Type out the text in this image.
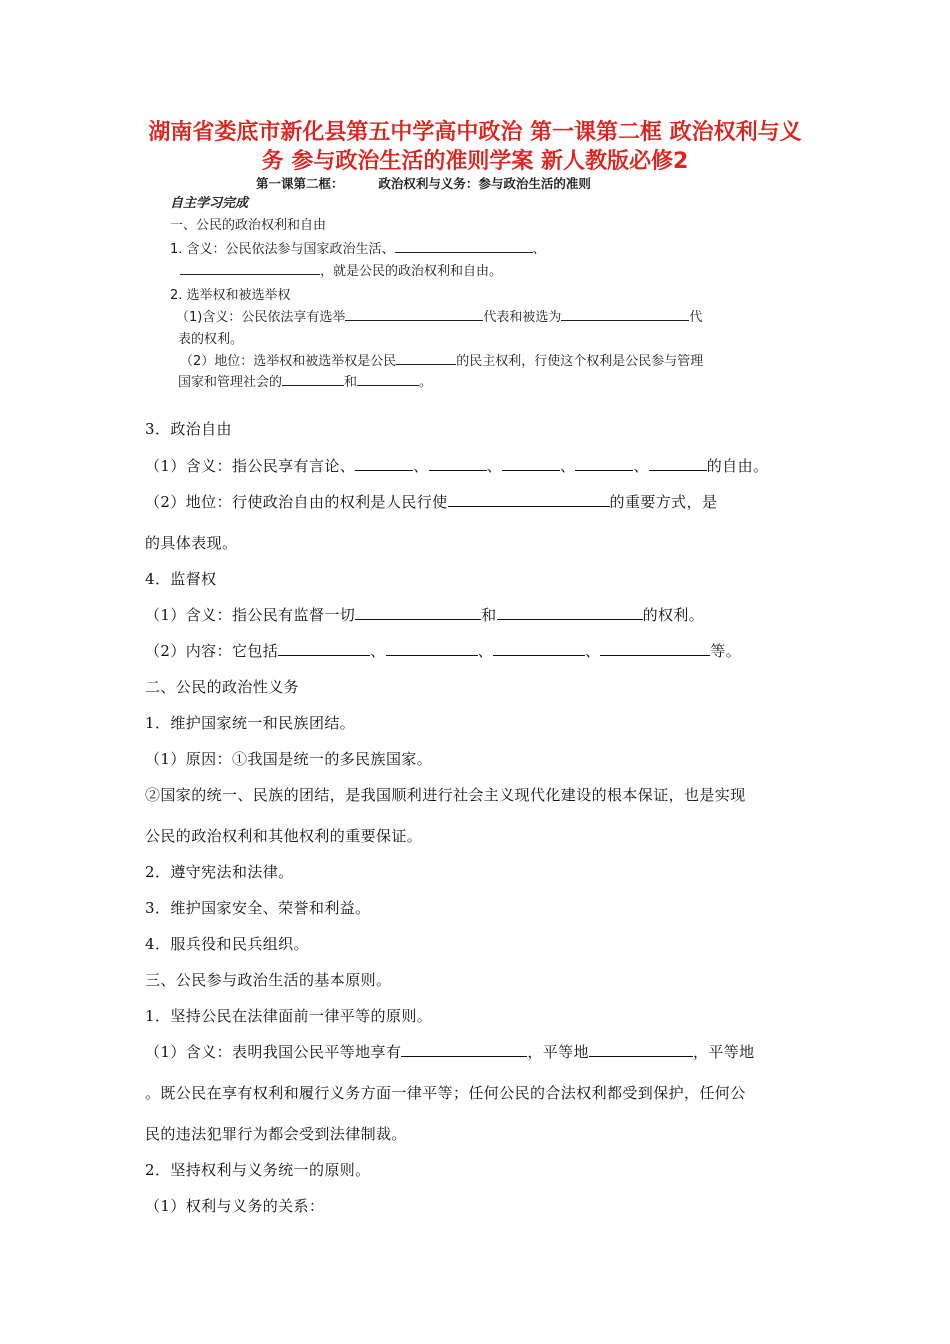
湖南省娄底市新化县第五中学高中政治 第一课第二框 政治权利与义务 参与政治生活的准则学案 新人教版必修2
第一课第二框：        政治权利与义务：参与政治生活的准则
自主学习完成
一、公民的政治权利和自由
1. 含义：公民依法参与国家政治生活、	、
，就是公民的政治权利和自由。
2. 选举权和被选举权
（1)含义：公民依法享有选举	代表和被选为	代
表的权利。
（2）地位：选举权和被选举权是公民	的民主权利，行使这个权利是公民参与管理
国家和管理社会的	和	。
3．政治自由
（1）含义：指公民享有言论、	、	、	、	、	的自由。
（2）地位：行使政治自由的权利是人民行使	的重要方式，是
的具体表现。
4．监督权
（1）含义：指公民有监督一切	和	的权利。
（2）内容：它包括	、	、	、	等。
二、公民的政治性义务
1．维护国家统一和民族团结。
（1）原因：①我国是统一的多民族国家。
②国家的统一、民族的团结，是我国顺利进行社会主义现代化建设的根本保证，也是实现
公民的政治权利和其他权利的重要保证。
2．遵守宪法和法律。
3．维护国家安全、荣誉和利益。
4．服兵役和民兵组织。
三、公民参与政治生活的基本原则。
1．坚持公民在法律面前一律平等的原则。
（1）含义：表明我国公民平等地享有	，平等地	，平等地
。既公民在享有权利和履行义务方面一律平等；任何公民的合法权利都受到保护，任何公
民的违法犯罪行为都会受到法律制裁。
2．坚持权利与义务统一的原则。
（1）权利与义务的关系：
